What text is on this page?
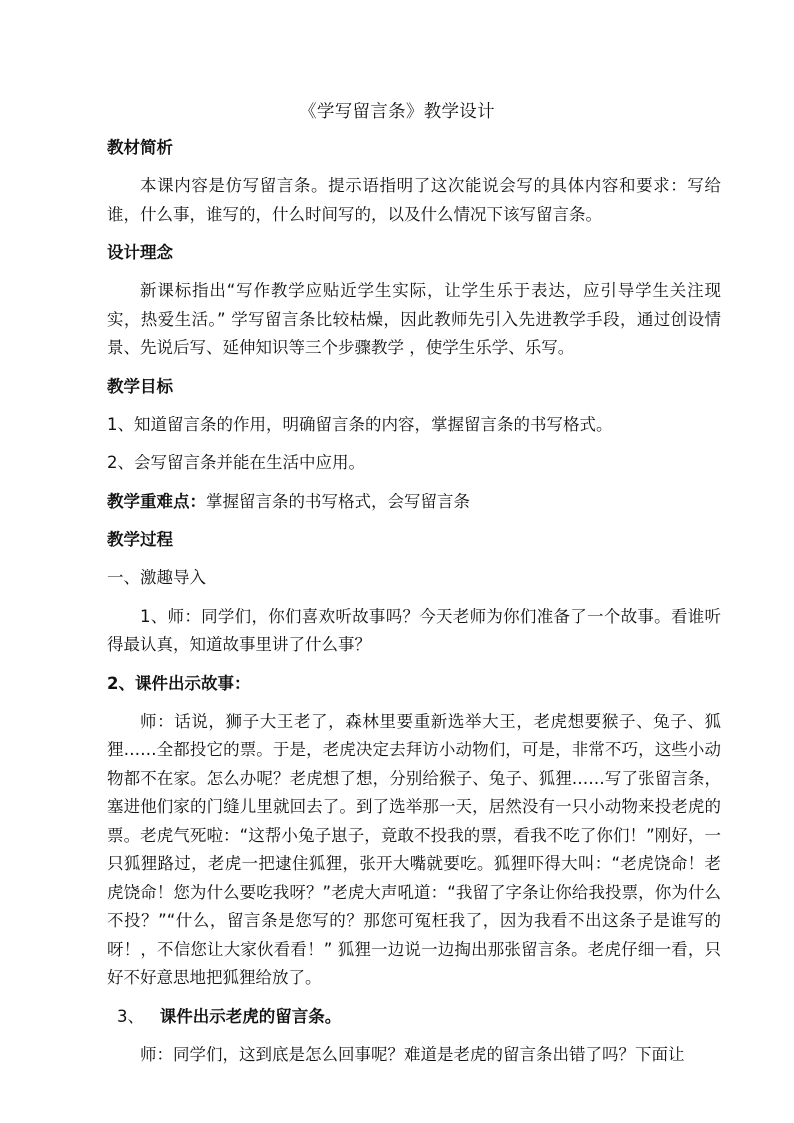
《学写留言条》教学设计
教材简析
本课内容是仿写留言条。提示语指明了这次能说会写的具体内容和要求：写给谁，什么事，谁写的，什么时间写的，以及什么情况下该写留言条。
设计理念
新课标指出“写作教学应贴近学生实际，让学生乐于表达，应引导学生关注现实，热爱生活。” 学写留言条比较枯燥，因此教师先引入先进教学手段，通过创设情景、先说后写、延伸知识等三个步骤教学 ，使学生乐学、乐写。
教学目标
1、知道留言条的作用，明确留言条的内容，掌握留言条的书写格式。
2、会写留言条并能在生活中应用。
教学重难点：掌握留言条的书写格式，会写留言条
教学过程
一、激趣导入
1、师：同学们，你们喜欢听故事吗？今天老师为你们准备了一个故事。看谁听得最认真，知道故事里讲了什么事？
2、课件出示故事：
师：话说，狮子大王老了，森林里要重新选举大王，老虎想要猴子、兔子、狐狸……全都投它的票。于是，老虎决定去拜访小动物们，可是，非常不巧，这些小动物都不在家。怎么办呢？老虎想了想，分别给猴子、兔子、狐狸……写了张留言条，塞进他们家的门缝儿里就回去了。到了选举那一天，居然没有一只小动物来投老虎的票。老虎气死啦：“这帮小兔子崽子，竟敢不投我的票，看我不吃了你们！”刚好，一只狐狸路过，老虎一把逮住狐狸，张开大嘴就要吃。狐狸吓得大叫：“老虎饶命！老虎饶命！您为什么要吃我呀？”老虎大声吼道：“我留了字条让你给我投票，你为什么不投？”“什么，留言条是您写的？那您可冤枉我了，因为我看不出这条子是谁写的呀！，不信您让大家伙看看！” 狐狸一边说一边掏出那张留言条。老虎仔细一看，只好不好意思地把狐狸给放了。
3、 课件出示老虎的留言条。
师：同学们，这到底是怎么回事呢？难道是老虎的留言条出错了吗？下面让
